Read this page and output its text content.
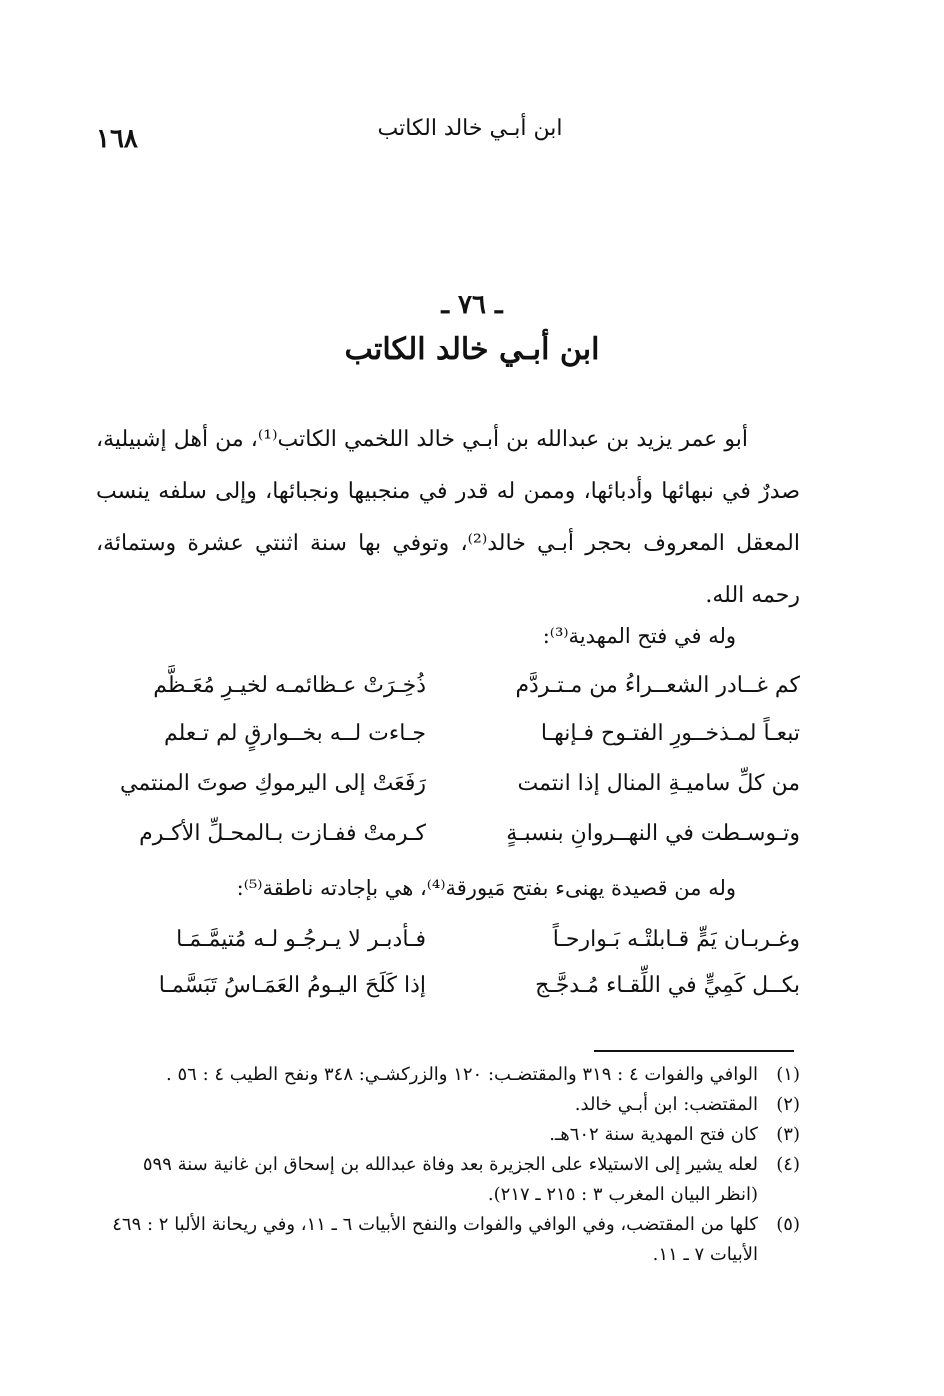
١٦٨	ابن أبـي خالد الكاتب
ـ ٧٦ ـ
ابن أبـي خالد الكاتب

أبو عمر يزيد بن عبدالله بن أبـي خالد اللخمي الكاتب⁽¹⁾، من أهل إشبيلية، صدرٌ في نبهائها وأدبائها، وممن له قدر في منجبيها ونجبائها، وإلى سلفه ينسب المعقل المعروف بحجر أبـي خالد⁽²⁾، وتوفي بها سنة اثنتي عشرة وستمائة، رحمه الله.

وله في فتح المهدية⁽³⁾:

كم غــادر الشعــراءُ من مـتـردَّم
ذُخِـرَتْ عـظائمـه لخيـرِ مُعَـظَّم
تبعـاً لمـذخــورِ الفتـوح فـإنهـا
جـاءت لــه بخــوارقٍ لم تـعلم
من كلِّ ساميـةِ المنال إذا انتمت
رَفَعَتْ إلى اليرموكِ صوتَ المنتمي
وتـوسـطت في النهــروانِ بنسبـةٍ
كـرمتْ ففـازت بـالمحـلِّ الأكـرم

وله من قصيدة يهنىء بفتح مَيورقة⁽⁴⁾، هي بإجادته ناطقة⁽⁵⁾:

وغـربـان يَمٍّ قـابلتْـه بَـوارحـاً
فـأدبـر لا يـرجُـو لـه مُتيمَّـمَـا
بكــل كَمِيٍّ في اللِّقـاء مُـدجَّـج
إذا كَلَحَ اليـومُ العَمَـاسُ تَبَسَّمـا
(١)
الوافي والفوات ٤ : ٣١٩ والمقتضـب: ١٢٠ والزركشـي: ٣٤٨ ونفح الطيب ٤ : ٥٦ .
(٢)
المقتضب: ابن أبـي خالد.
(٣)
كان فتح المهدية سنة ٦٠٢هـ.
(٤)
لعله يشير إلى الاستيلاء على الجزيرة بعد وفاة عبدالله بن إسحاق ابن غانية سنة ٥٩٩ (انظر البيان المغرب ٣ : ٢١٥ ـ ٢١٧).
(٥)
كلها من المقتضب، وفي الوافي والفوات والنفح الأبيات ٦ ـ ١١، وفي ريحانة الألبا ٢ : ٤٦٩ الأبيات ٧ ـ ١١.
